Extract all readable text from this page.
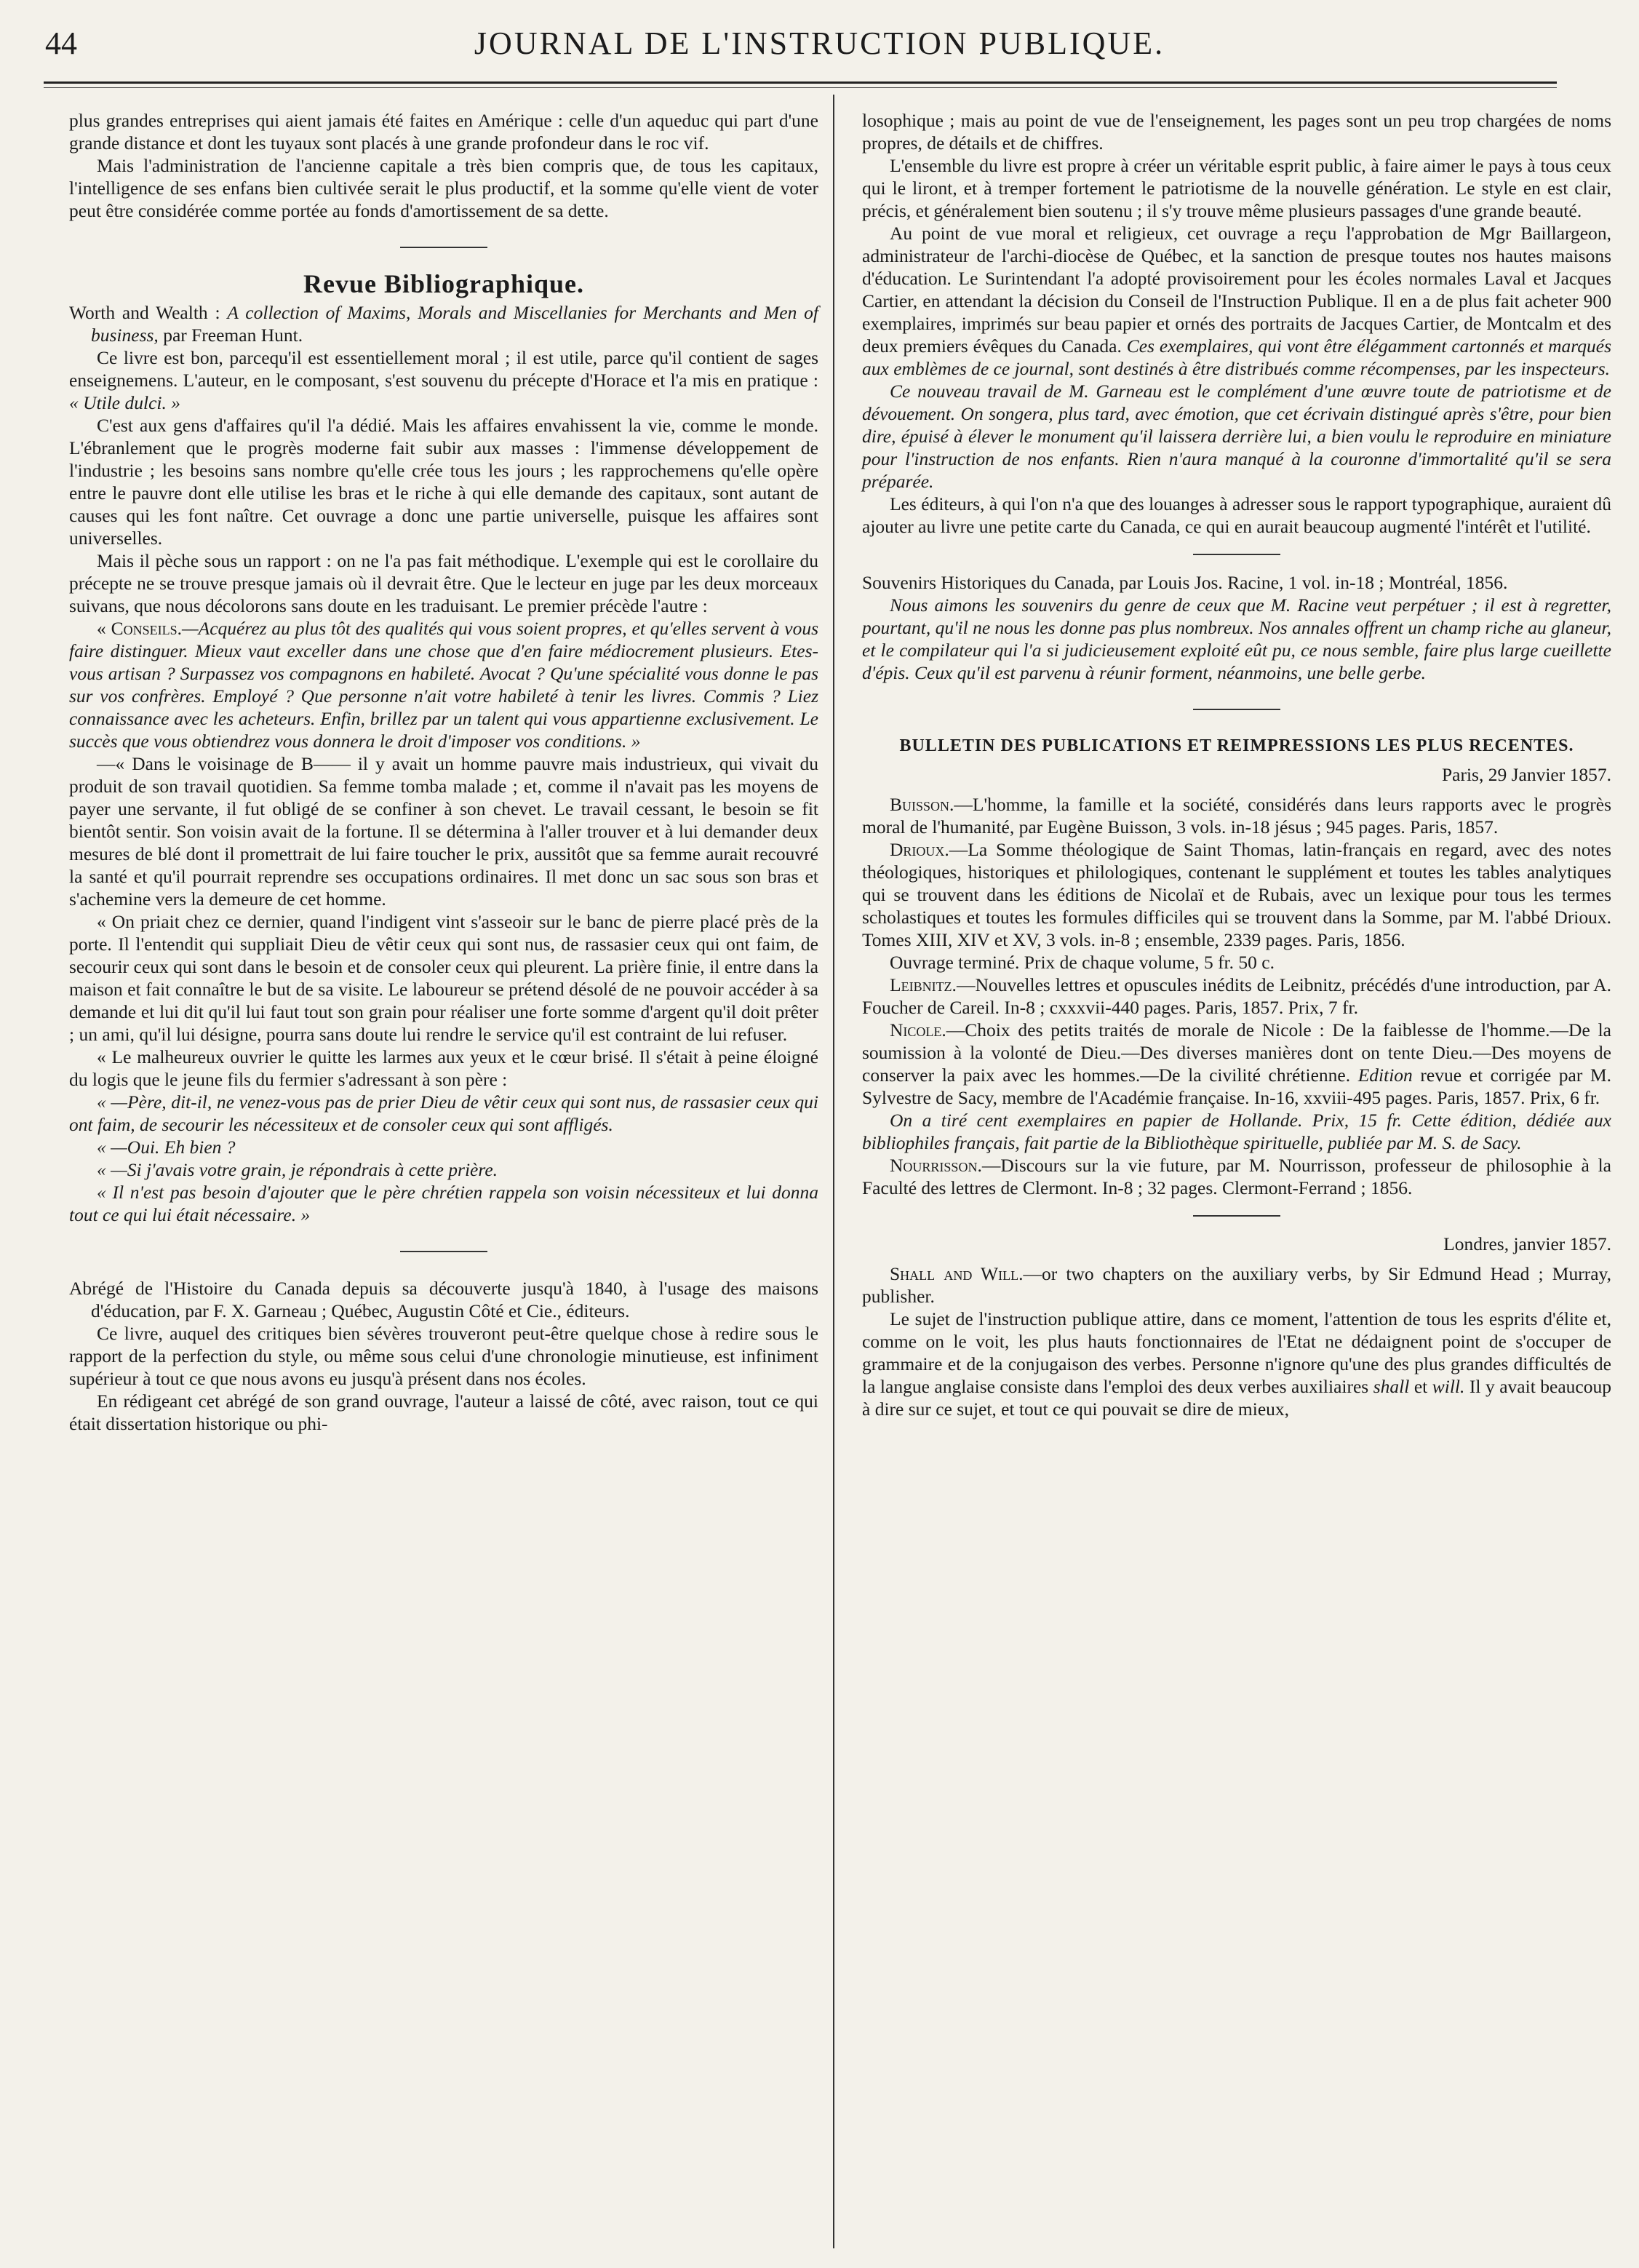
44	JOURNAL DE L'INSTRUCTION PUBLIQUE.

plus grandes entreprises qui aient jamais été faites en Amérique : celle d'un aqueduc qui part d'une grande distance et dont les tuyaux sont placés à une grande profondeur dans le roc vif.

Mais l'administration de l'ancienne capitale a très bien compris que, de tous les capitaux, l'intelligence de ses enfans bien cultivée serait le plus productif, et la somme qu'elle vient de voter peut être considérée comme portée au fonds d'amortissement de sa dette.

Revue Bibliographique.

Worth and Wealth : A collection of Maxims, Morals and Miscellanies for Merchants and Men of business, par Freeman Hunt.

Ce livre est bon, parcequ'il est essentiellement moral ; il est utile, parce qu'il contient de sages enseignemens. L'auteur, en le composant, s'est souvenu du précepte d'Horace et l'a mis en pratique : « Utile dulci. »

C'est aux gens d'affaires qu'il l'a dédié. Mais les affaires envahissent la vie, comme le monde. L'ébranlement que le progrès moderne fait subir aux masses : l'immense développement de l'industrie ; les besoins sans nombre qu'elle crée tous les jours ; les rapprochemens qu'elle opère entre le pauvre dont elle utilise les bras et le riche à qui elle demande des capitaux, sont autant de causes qui les font naître. Cet ouvrage a donc une partie universelle, puisque les affaires sont universelles.

Mais il pèche sous un rapport : on ne l'a pas fait méthodique. L'exemple qui est le corollaire du précepte ne se trouve presque jamais où il devrait être. Que le lecteur en juge par les deux morceaux suivans, que nous décolorons sans doute en les traduisant. Le premier précède l'autre :

« Conseils.—Acquérez au plus tôt des qualités qui vous soient propres, et qu'elles servent à vous faire distinguer. Mieux vaut exceller dans une chose que d'en faire médiocrement plusieurs. Etes-vous artisan ? Surpassez vos compagnons en habileté. Avocat ? Qu'une spécialité vous donne le pas sur vos confrères. Employé ? Que personne n'ait votre habileté à tenir les livres. Commis ? Liez connaissance avec les acheteurs. Enfin, brillez par un talent qui vous appartienne exclusivement. Le succès que vous obtiendrez vous donnera le droit d'imposer vos conditions. »

—« Dans le voisinage de B—— il y avait un homme pauvre mais industrieux, qui vivait du produit de son travail quotidien. Sa femme tomba malade ; et, comme il n'avait pas les moyens de payer une servante, il fut obligé de se confiner à son chevet. Le travail cessant, le besoin se fit bientôt sentir. Son voisin avait de la fortune. Il se détermina à l'aller trouver et à lui demander deux mesures de blé dont il promettrait de lui faire toucher le prix, aussitôt que sa femme aurait recouvré la santé et qu'il pourrait reprendre ses occupations ordinaires. Il met donc un sac sous son bras et s'achemine vers la demeure de cet homme.

« On priait chez ce dernier, quand l'indigent vint s'asseoir sur le banc de pierre placé près de la porte. Il l'entendit qui suppliait Dieu de vêtir ceux qui sont nus, de rassasier ceux qui ont faim, de secourir ceux qui sont dans le besoin et de consoler ceux qui pleurent. La prière finie, il entre dans la maison et fait connaître le but de sa visite. Le laboureur se prétend désolé de ne pouvoir accéder à sa demande et lui dit qu'il lui faut tout son grain pour réaliser une forte somme d'argent qu'il doit prêter ; un ami, qu'il lui désigne, pourra sans doute lui rendre le service qu'il est contraint de lui refuser.

« Le malheureux ouvrier le quitte les larmes aux yeux et le cœur brisé. Il s'était à peine éloigné du logis que le jeune fils du fermier s'adressant à son père :

« —Père, dit-il, ne venez-vous pas de prier Dieu de vêtir ceux qui sont nus, de rassasier ceux qui ont faim, de secourir les nécessiteux et de consoler ceux qui sont affligés.

« —Oui. Eh bien ?

« —Si j'avais votre grain, je répondrais à cette prière.

« Il n'est pas besoin d'ajouter que le père chrétien rappela son voisin nécessiteux et lui donna tout ce qui lui était nécessaire. »

Abrégé de l'Histoire du Canada depuis sa découverte jusqu'à 1840, à l'usage des maisons d'éducation, par F. X. Garneau ; Québec, Augustin Côté et Cie., éditeurs.

Ce livre, auquel des critiques bien sévères trouveront peut-être quelque chose à redire sous le rapport de la perfection du style, ou même sous celui d'une chronologie minutieuse, est infiniment supérieur à tout ce que nous avons eu jusqu'à présent dans nos écoles.

En rédigeant cet abrégé de son grand ouvrage, l'auteur a laissé de côté, avec raison, tout ce qui était dissertation historique ou phi-

losophique ; mais au point de vue de l'enseignement, les pages sont un peu trop chargées de noms propres, de détails et de chiffres.

L'ensemble du livre est propre à créer un véritable esprit public, à faire aimer le pays à tous ceux qui le liront, et à tremper fortement le patriotisme de la nouvelle génération. Le style en est clair, précis, et généralement bien soutenu ; il s'y trouve même plusieurs passages d'une grande beauté.

Au point de vue moral et religieux, cet ouvrage a reçu l'approbation de Mgr Baillargeon, administrateur de l'archi-diocèse de Québec, et la sanction de presque toutes nos hautes maisons d'éducation. Le Surintendant l'a adopté provisoirement pour les écoles normales Laval et Jacques Cartier, en attendant la décision du Conseil de l'Instruction Publique. Il en a de plus fait acheter 900 exemplaires, imprimés sur beau papier et ornés des portraits de Jacques Cartier, de Montcalm et des deux premiers évêques du Canada. Ces exemplaires, qui vont être élégamment cartonnés et marqués aux emblèmes de ce journal, sont destinés à être distribués comme récompenses, par les inspecteurs.

Ce nouveau travail de M. Garneau est le complément d'une œuvre toute de patriotisme et de dévouement. On songera, plus tard, avec émotion, que cet écrivain distingué après s'être, pour bien dire, épuisé à élever le monument qu'il laissera derrière lui, a bien voulu le reproduire en miniature pour l'instruction de nos enfants. Rien n'aura manqué à la couronne d'immortalité qu'il se sera préparée.

Les éditeurs, à qui l'on n'a que des louanges à adresser sous le rapport typographique, auraient dû ajouter au livre une petite carte du Canada, ce qui en aurait beaucoup augmenté l'intérêt et l'utilité.

Souvenirs Historiques du Canada, par Louis Jos. Racine, 1 vol. in-18 ; Montréal, 1856.

Nous aimons les souvenirs du genre de ceux que M. Racine veut perpétuer ; il est à regretter, pourtant, qu'il ne nous les donne pas plus nombreux. Nos annales offrent un champ riche au glaneur, et le compilateur qui l'a si judicieusement exploité eût pu, ce nous semble, faire plus large cueillette d'épis. Ceux qu'il est parvenu à réunir forment, néanmoins, une belle gerbe.

BULLETIN DES PUBLICATIONS ET REIMPRESSIONS LES PLUS RECENTES.
Paris, 29 Janvier 1857.

Buisson.—L'homme, la famille et la société, considérés dans leurs rapports avec le progrès moral de l'humanité, par Eugène Buisson, 3 vols. in-18 jésus ; 945 pages. Paris, 1857.

Drioux.—La Somme théologique de Saint Thomas, latin-français en regard, avec des notes théologiques, historiques et philologiques, contenant le supplément et toutes les tables analytiques qui se trouvent dans les éditions de Nicolaï et de Rubais, avec un lexique pour tous les termes scholastiques et toutes les formules difficiles qui se trouvent dans la Somme, par M. l'abbé Drioux. Tomes XIII, XIV et XV, 3 vols. in-8 ; ensemble, 2339 pages. Paris, 1856.

Ouvrage terminé. Prix de chaque volume, 5 fr. 50 c.

Leibnitz.—Nouvelles lettres et opuscules inédits de Leibnitz, précédés d'une introduction, par A. Foucher de Careil. In-8 ; cxxxvii-440 pages. Paris, 1857. Prix, 7 fr.

Nicole.—Choix des petits traités de morale de Nicole : De la faiblesse de l'homme.—De la soumission à la volonté de Dieu.—Des diverses manières dont on tente Dieu.—Des moyens de conserver la paix avec les hommes.—De la civilité chrétienne. Edition revue et corrigée par M. Sylvestre de Sacy, membre de l'Académie française. In-16, xxviii-495 pages. Paris, 1857. Prix, 6 fr.

On a tiré cent exemplaires en papier de Hollande. Prix, 15 fr. Cette édition, dédiée aux bibliophiles français, fait partie de la Bibliothèque spirituelle, publiée par M. S. de Sacy.

Nourrisson.—Discours sur la vie future, par M. Nourrisson, professeur de philosophie à la Faculté des lettres de Clermont. In-8 ; 32 pages. Clermont-Ferrand ; 1856.

Londres, janvier 1857.

Shall and Will.—or two chapters on the auxiliary verbs, by Sir Edmund Head ; Murray, publisher.

Le sujet de l'instruction publique attire, dans ce moment, l'attention de tous les esprits d'élite et, comme on le voit, les plus hauts fonctionnaires de l'Etat ne dédaignent point de s'occuper de grammaire et de la conjugaison des verbes. Personne n'ignore qu'une des plus grandes difficultés de la langue anglaise consiste dans l'emploi des deux verbes auxiliaires shall et will. Il y avait beaucoup à dire sur ce sujet, et tout ce qui pouvait se dire de mieux,
